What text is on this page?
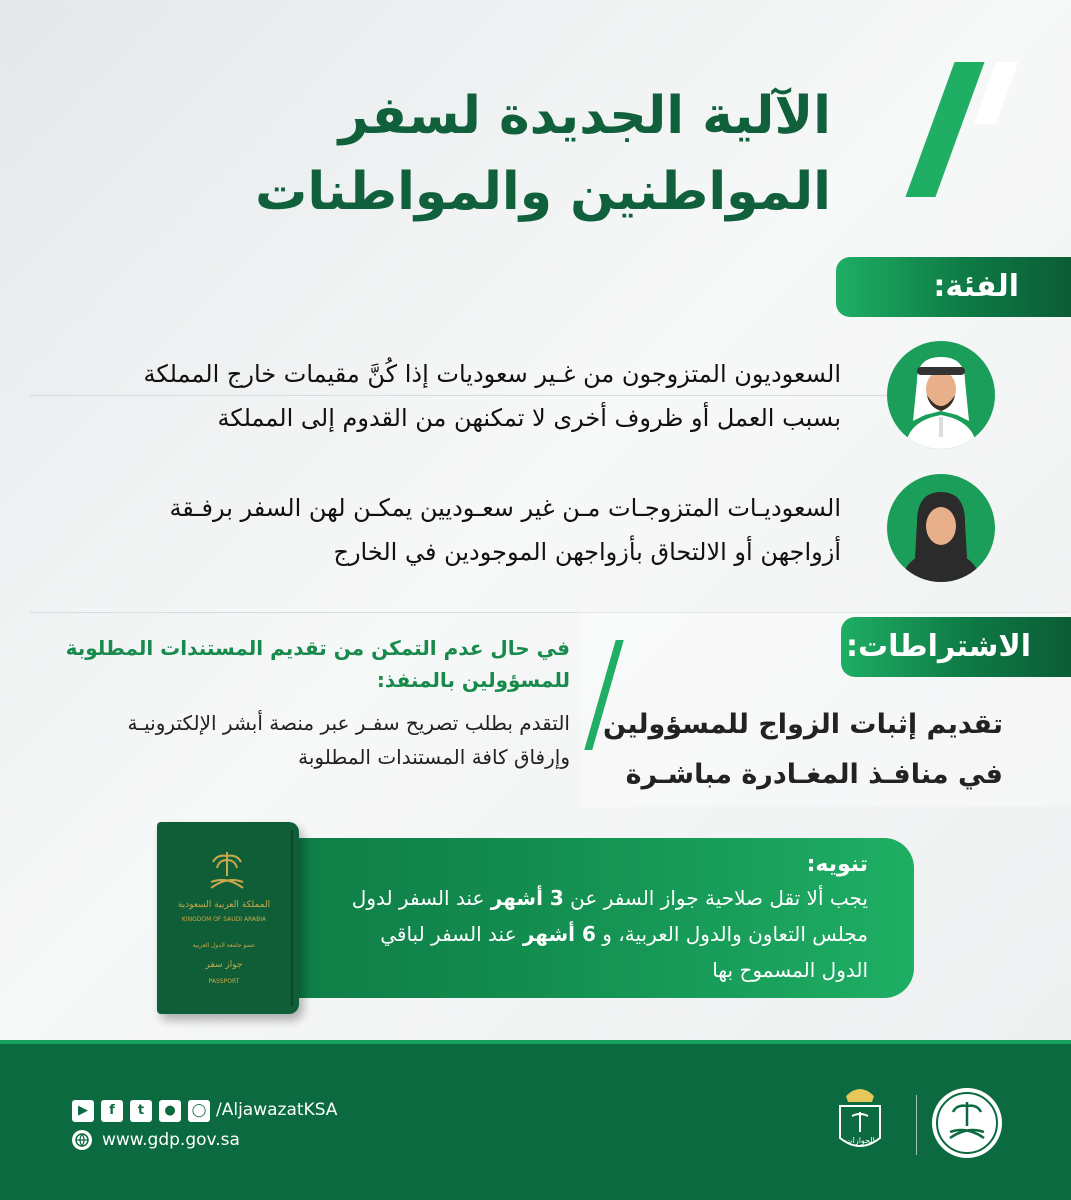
الآلية الجديدة لسفر
المواطنين والمواطنات
الفئة:
السعوديون المتزوجون من غـير سعوديات إذا كُنَّ مقيمات خارج المملكة
بسبب العمل أو ظروف أخرى لا تمكنهن من القدوم إلى المملكة
السعوديـات المتزوجـات مـن غير سعـوديين يمكـن لهن السفر برفـقة
أزواجهن أو الالتحاق بأزواجهن الموجودين في الخارج
الاشتراطات:
تقديم إثبات الزواج للمسؤولين
في منافـذ المغـادرة مباشـرة
في حال عدم التمكن من تقديم المستندات المطلوبة
للمسؤولين بالمنفذ:
التقدم بطلب تصريح سفـر عبر منصة أبشر الإلكترونيـة
وإرفاق كافة المستندات المطلوبة
تنويه:
يجب ألا تقل صلاحية جواز السفر عن 3 أشهر عند السفر لدول
مجلس التعاون والدول العربية، و 6 أشهر عند السفر لباقي
الدول المسموح بها
المملكة العربية السعودية
KINGDOM OF SAUDI ARABIA
عضو جامعة الدول العربية
جواز سفر
PASSPORT
▶	f	t	●	◯ /AljawazatKSA
www.gdp.gov.sa	الجوازات
